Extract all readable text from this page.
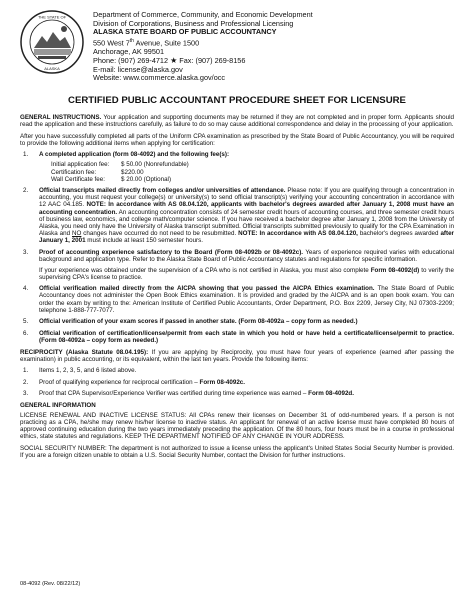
THE STATE OF
ALASKA
Department of Commerce, Community, and Economic Development
Division of Corporations, Business and Professional Licensing
ALASKA STATE BOARD OF PUBLIC ACCOUNTANCY
550 West 7th Avenue, Suite 1500
Anchorage, AK 99501
Phone: (907) 269-4712 ★ Fax: (907) 269-8156
E-mail: license@alaska.gov
Website: www.commerce.alaska.gov/occ
CERTIFIED PUBLIC ACCOUNTANT PROCEDURE SHEET FOR LICENSURE

GENERAL INSTRUCTIONS. Your application and supporting documents may be returned if they are not completed and in proper form. Applicants should read the application and these instructions carefully, as failure to do so may cause additional correspondence and delay in the processing of your application.

After you have successfully completed all parts of the Uniform CPA examination as prescribed by the State Board of Public Accountancy, you will be required to provide the following additional items when applying for certification:

1. A completed application (form 08-4092) and the following fee(s):
Initial application fee:	$ 50.00 (Nonrefundable)
Certification fee:	$220.00
Wall Certificate fee:	$ 20.00 (Optional)
2. Official transcripts mailed directly from colleges and/or universities of attendance. Please note: If you are qualifying through a concentration in accounting, you must request your college(s) or university(s) to send official transcript(s) verifying your accounting concentration in accordance with 12 AAC 04.185. NOTE: In accordance with AS 08.04.120, applicants with bachelor's degrees awarded after January 1, 2008 must have an accounting concentration. An accounting concentration consists of 24 semester credit hours of accounting courses, and three semester credit hours of business law, economics, and college math/computer science. If you have received a bachelor degree after January 1, 2008 from the University of Alaska, you need only have the University of Alaska transcript submitted. Official transcripts submitted previously to qualify for the CPA Examination in Alaska and NO changes have occurred do not need to be resubmitted. NOTE: In accordance with AS 08.04.120, bachelor's degrees awarded after January 1, 2001 must include at least 150 semester hours.
3. Proof of accounting experience satisfactory to the Board (Form 08-4092b or 08-4092c). Years of experience required varies with educational background and application type. Refer to the Alaska State Board of Public Accountancy statutes and regulations for specific information.
If your experience was obtained under the supervision of a CPA who is not certified in Alaska, you must also complete Form 08-4092(d) to verify the supervising CPA's license to practice.
4. Official verification mailed directly from the AICPA showing that you passed the AICPA Ethics examination. The State Board of Public Accountancy does not administer the Open Book Ethics examination. It is provided and graded by the AICPA and is an open book exam. You can order the exam by writing to the: American Institute of Certified Public Accountants, Order Department, P.O. Box 2209, Jersey City, NJ 07303-2209; telephone 1-888-777-7077.
5. Official verification of your exam scores if passed in another state. (Form 08-4092a – copy form as needed.)
6. Official verification of certification/license/permit from each state in which you hold or have held a certificate/license/permit to practice. (Form 08-4092a – copy form as needed.)

RECIPROCITY (Alaska Statute 08.04.195): If you are applying by Reciprocity, you must have four years of experience (earned after passing the examination) in public accounting, or its equivalent, within the last ten years. Provide the following items:

1. Items 1, 2, 3, 5, and 6 listed above.
2. Proof of qualifying experience for reciprocal certification – Form 08-4092c.
3. Proof that CPA Supervisor/Experience Verifier was certified during time experience was earned – Form 08-4092d.
GENERAL INFORMATION

LICENSE RENEWAL AND INACTIVE LICENSE STATUS: All CPAs renew their licenses on December 31 of odd-numbered years. If a person is not practicing as a CPA, he/she may renew his/her license to inactive status. An applicant for renewal of an active license must have completed 80 hours of approved continuing education during the two years immediately preceding the application. Of the 80 hours, four hours must be in a course in professional ethics, state statutes and regulations. KEEP THE DEPARTMENT NOTIFIED OF ANY CHANGE IN YOUR ADDRESS.

SOCIAL SECURITY NUMBER: The department is not authorized to issue a license unless the applicant's United States Social Security Number is provided. If you are a foreign citizen unable to obtain a U.S. Social Security Number, contact the Division for further instructions.

08-4092 (Rev. 08/22/12)
